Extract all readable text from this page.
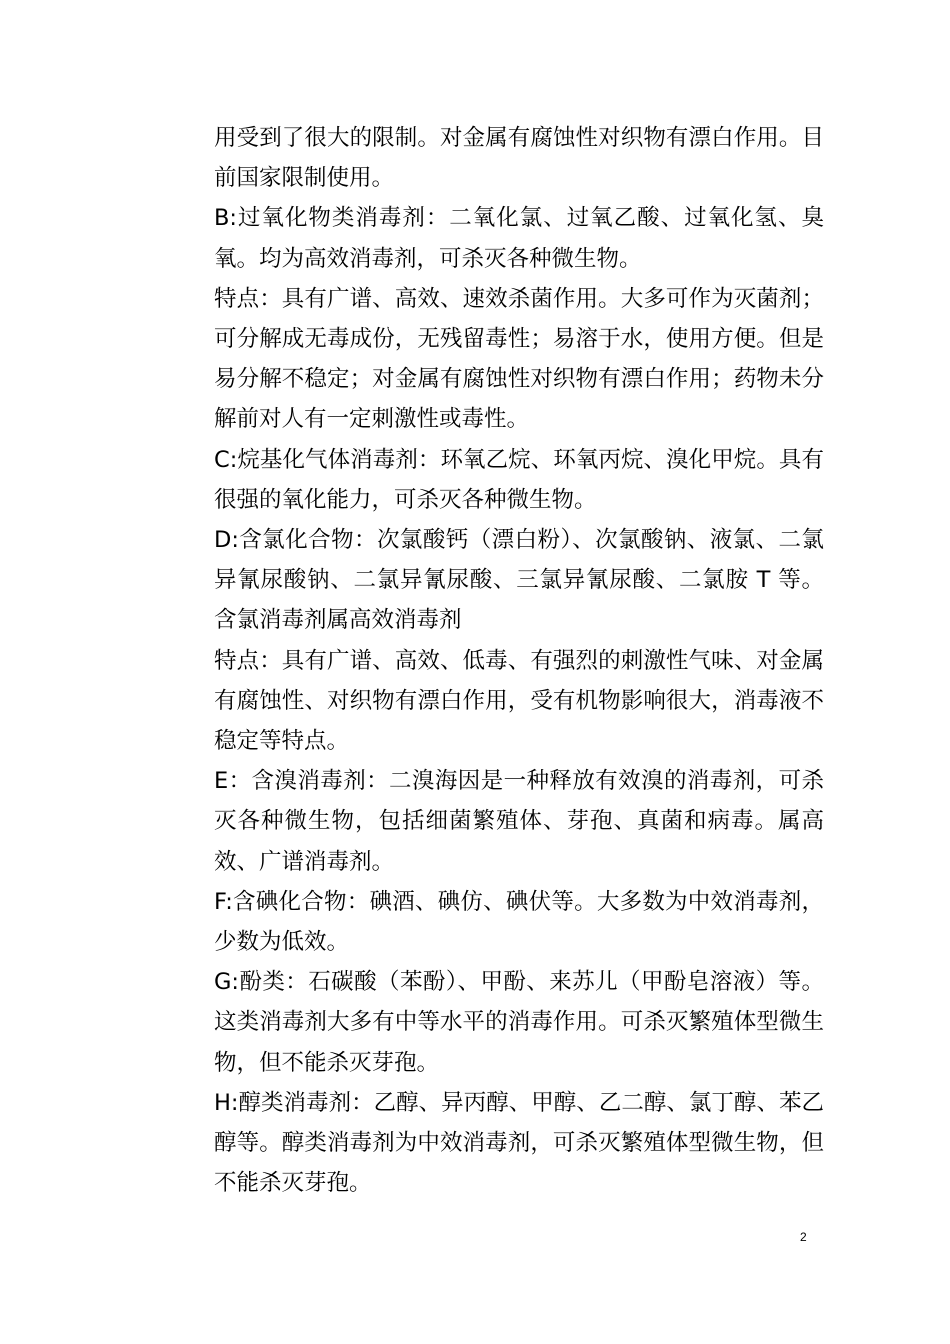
用受到了很大的限制。对金属有腐蚀性对织物有漂白作用。目前国家限制使用。

B:过氧化物类消毒剂：二氧化氯、过氧乙酸、过氧化氢、臭氧。均为高效消毒剂，可杀灭各种微生物。

特点：具有广谱、高效、速效杀菌作用。大多可作为灭菌剂；可分解成无毒成份，无残留毒性；易溶于水，使用方便。但是易分解不稳定；对金属有腐蚀性对织物有漂白作用；药物未分解前对人有一定刺激性或毒性。

C:烷基化气体消毒剂：环氧乙烷、环氧丙烷、溴化甲烷。具有很强的氧化能力，可杀灭各种微生物。

D:含氯化合物：次氯酸钙（漂白粉）、次氯酸钠、液氯、二氯异氰尿酸钠、二氯异氰尿酸、三氯异氰尿酸、二氯胺 T 等。含氯消毒剂属高效消毒剂

特点：具有广谱、高效、低毒、有强烈的刺激性气味、对金属有腐蚀性、对织物有漂白作用，受有机物影响很大，消毒液不稳定等特点。

E：含溴消毒剂：二溴海因是一种释放有效溴的消毒剂，可杀灭各种微生物，包括细菌繁殖体、芽孢、真菌和病毒。属高效、广谱消毒剂。

F:含碘化合物：碘酒、碘仿、碘伏等。大多数为中效消毒剂，少数为低效。

G:酚类：石碳酸（苯酚）、甲酚、来苏儿（甲酚皂溶液）等。这类消毒剂大多有中等水平的消毒作用。可杀灭繁殖体型微生物，但不能杀灭芽孢。

H:醇类消毒剂：乙醇、异丙醇、甲醇、乙二醇、氯丁醇、苯乙醇等。醇类消毒剂为中效消毒剂，可杀灭繁殖体型微生物，但不能杀灭芽孢。

2
